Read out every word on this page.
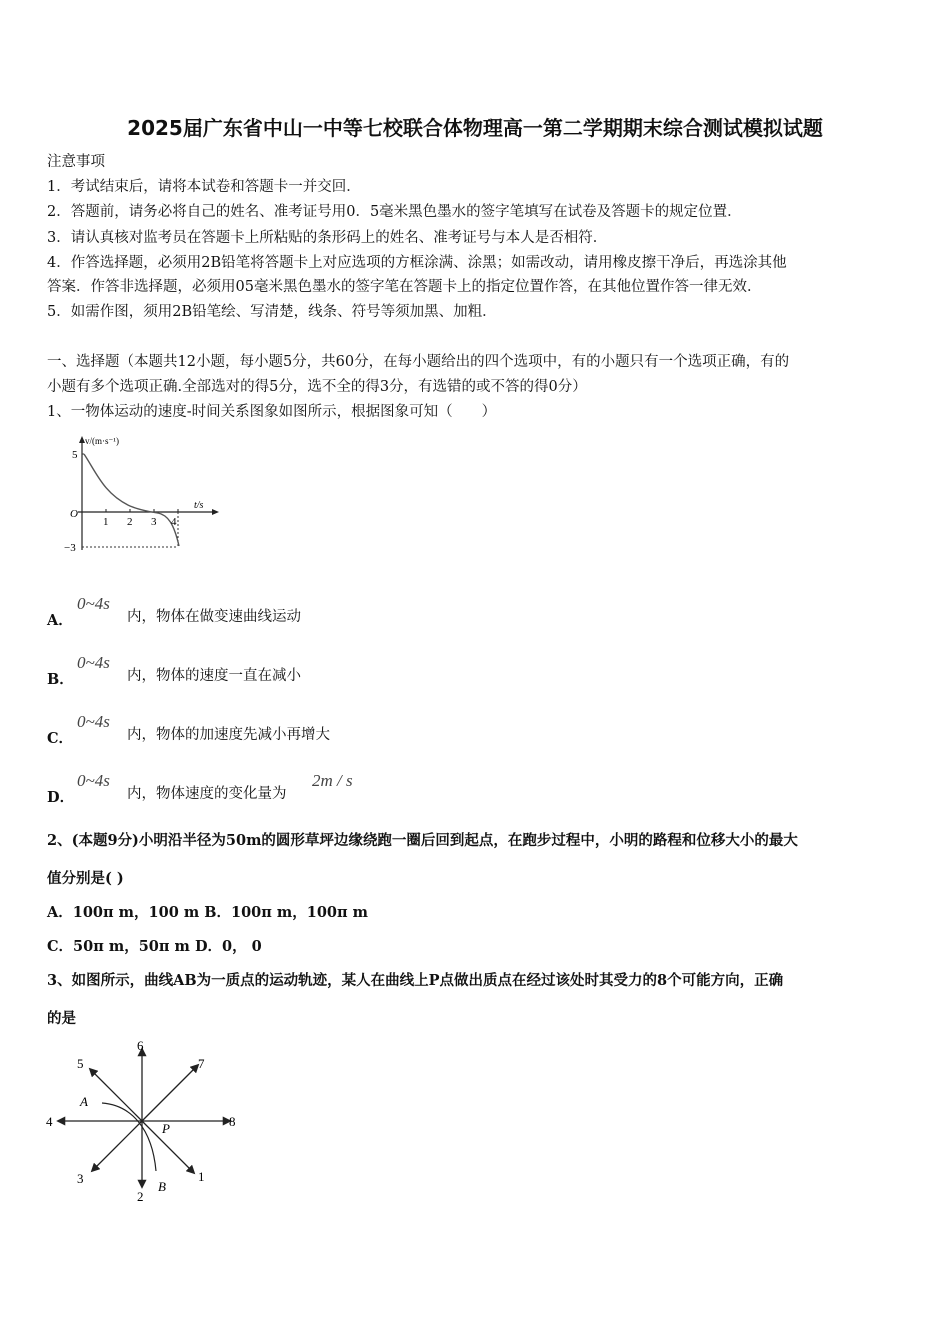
2025届广东省中山一中等七校联合体物理高一第二学期期末综合测试模拟试题
注意事项
1．考试结束后，请将本试卷和答题卡一并交回．
2．答题前，请务必将自己的姓名、准考证号用0．5毫米黑色墨水的签字笔填写在试卷及答题卡的规定位置．
3．请认真核对监考员在答题卡上所粘贴的条形码上的姓名、准考证号与本人是否相符．
4．作答选择题，必须用2B铅笔将答题卡上对应选项的方框涂满、涂黑；如需改动，请用橡皮擦干净后，再选涂其他
答案．作答非选择题，必须用05毫米黑色墨水的签字笔在答题卡上的指定位置作答，在其他位置作答一律无效．
5．如需作图，须用2B铅笔绘、写清楚，线条、符号等须加黑、加粗．
一、选择题（本题共12小题，每小题5分，共60分，在每小题给出的四个选项中，有的小题只有一个选项正确，有的
小题有多个选项正确.全部选对的得5分，选不全的得3分，有选错的或不答的得0分）
1、一物体运动的速度-时间关系图象如图所示，根据图象可知（　　）
v/(m·s⁻¹)
t/s
5
O
−3
1 2 3 4
A．
0~4s
内，物体在做变速曲线运动
B．
0~4s
内，物体的速度一直在减小
C．
0~4s
内，物体的加速度先减小再增大
D．
0~4s
内，物体速度的变化量为
2m / s
2、(本题9分)小明沿半径为50m的圆形草坪边缘绕跑一圈后回到起点，在跑步过程中，小明的路程和位移大小的最大
值分别是( )
A．100π m，100 m B．100π m，100π m
C．50π m，50π m D．0， 0
3、如图所示，曲线AB为一质点的运动轨迹，某人在曲线上P点做出质点在经过该处时其受力的8个可能方向，正确
的是
1
2
3
4
5
6
7
8
A
B
P
